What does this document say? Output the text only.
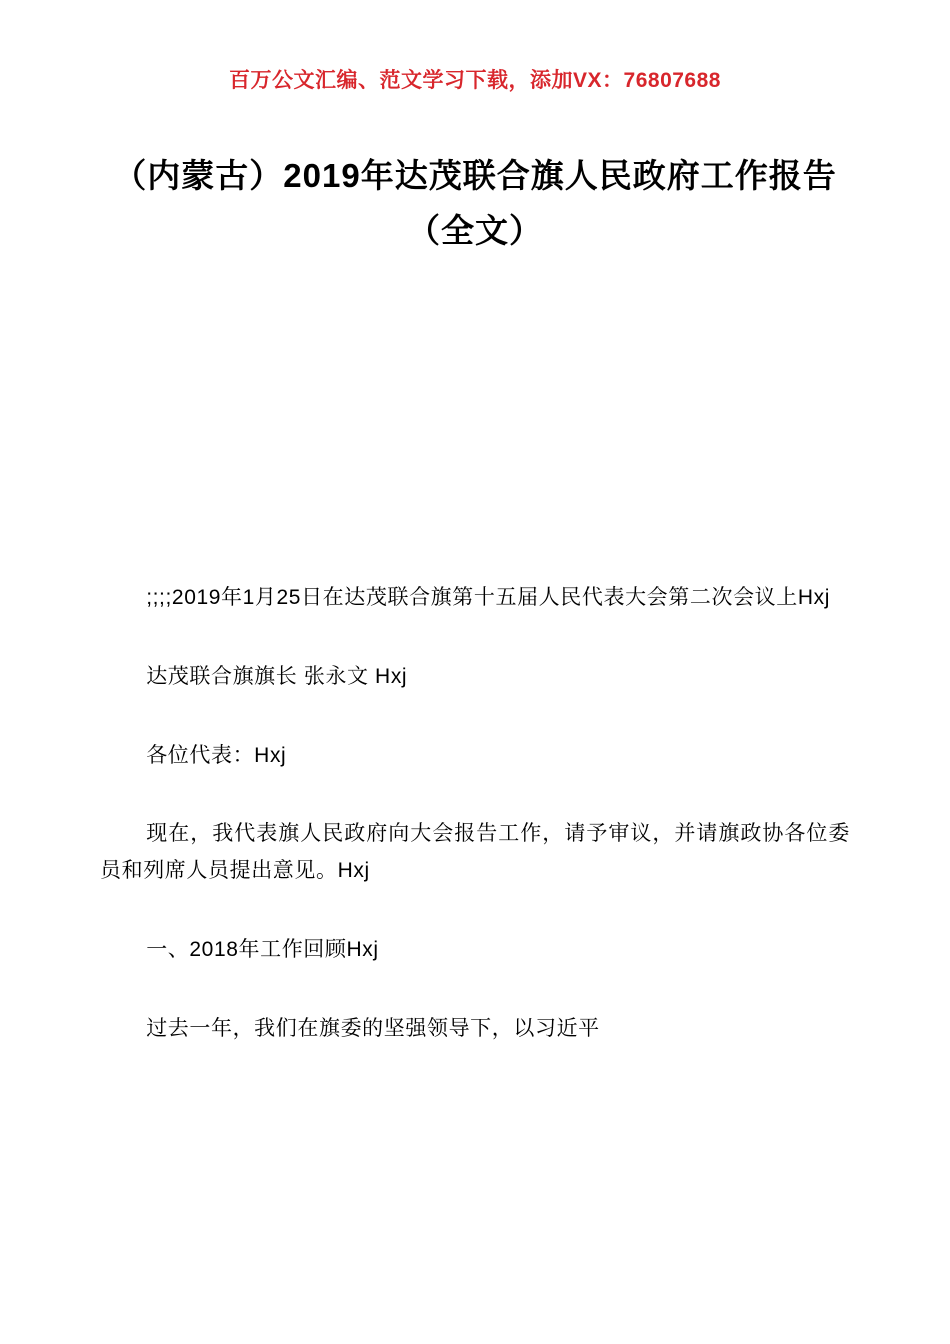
百万公文汇编、范文学习下载，添加VX：76807688
（内蒙古）2019年达茂联合旗人民政府工作报告（全文）

;;;;2019年1月25日在达茂联合旗第十五届人民代表大会第二次会议上Hxj

达茂联合旗旗长 张永文 Hxj

各位代表：Hxj

现在，我代表旗人民政府向大会报告工作，请予审议，并请旗政协各位委员和列席人员提出意见。Hxj

一、2018年工作回顾Hxj

过去一年，我们在旗委的坚强领导下，以习近平
